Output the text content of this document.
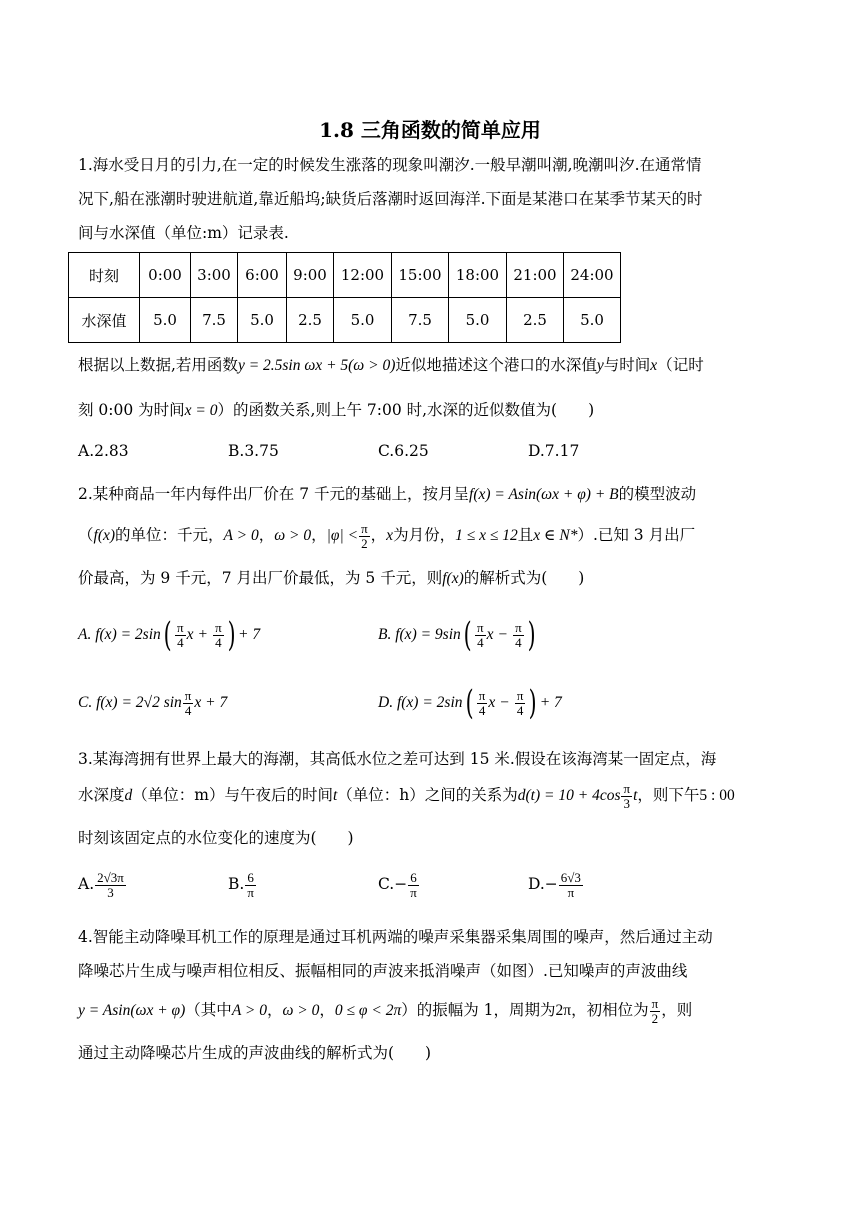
1.8 三角函数的简单应用
1.海水受日月的引力,在一定的时候发生涨落的现象叫潮汐.一般早潮叫潮,晚潮叫汐.在通常情
况下,船在涨潮时驶进航道,靠近船坞;缺货后落潮时返回海洋.下面是某港口在某季节某天的时
间与水深值（单位:m）记录表.
时刻	0:00	3:00	6:00	9:00	12:00	15:00	18:00	21:00	24:00
水深值	5.0	7.5	5.0	2.5	5.0	7.5	5.0	2.5	5.0
根据以上数据,若用函数y = 2.5sin ωx + 5(ω > 0)近似地描述这个港口的水深值y与时间x（记时
刻 0:00 为时间x = 0）的函数关系,则上午 7:00 时,水深的近似数值为(　　)
A.2.83	B.3.75	C.6.25	D.7.17
2.某种商品一年内每件出厂价在 7 千元的基础上，按月呈f(x) = Asin(ωx + φ) + B的模型波动
（f(x)的单位：千元，A > 0，ω > 0，$|\varphi| < \frac{\pi}{2}$ ，x为月份，1 ≤ x ≤ 12且x ∈ N*）.已知 3 月出厂
价最高，为 9 千元，7 月出厂价最低，为 5 千元，则f(x)的解析式为(　　)
A. $f(x) = 2\sin( \frac{\pi}{4}$ $x + \frac{\pi}{4}$ ) + 7	B. $f(x) = 9\sin( \frac{\pi}{4}$ $x - \frac{\pi}{4}$ )
C. f(x) = 2√2 $\sin \frac{\pi}{4}$ x + 7	D. $f(x) = 2\sin( \frac{\pi}{4}$ $x - \frac{\pi}{4}$ ) + 7
3.某海湾拥有世界上最大的海潮，其高低水位之差可达到 15 米.假设在该海湾某一固定点，海
水深度d（单位：m）与午夜后的时间t（单位：h）之间的关系为$d(t) = 10 + 4\cos \frac{\pi}{3}$ t，则下午5 : 00
时刻该固定点的水位变化的速度为(　　)
A. $\frac{2√3\pi}{3}$	B. $\frac{6}{\pi}$	$C.- \frac{6}{\pi}$	$D.- \frac{6√3}{\pi}$
4.智能主动降噪耳机工作的原理是通过耳机两端的噪声采集器采集周围的噪声，然后通过主动
降噪芯片生成与噪声相位相反、振幅相同的声波来抵消噪声（如图）.已知噪声的声波曲线
y = Asin(ωx + φ)（其中A > 0，ω > 0，0 ≤ φ < 2π）的振幅为 1，周期为2π，初相位为 $\frac{\pi}{2}$ ，则
通过主动降噪芯片生成的声波曲线的解析式为(　　)
